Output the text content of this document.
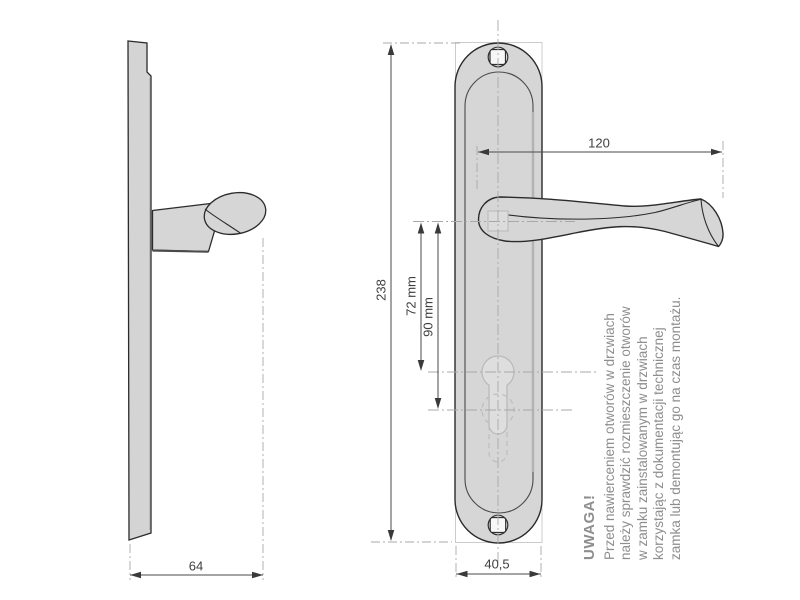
64
238 72 mm
90 mm
120
40,5
UWAGA! Przed nawierceniem otworów w drzwiach należy sprawdzić rozmieszczenie otworów w zamku zainstalowanym w drzwiach korzystając z dokumentacji technicznej zamka lub demontując go na czas montażu.
